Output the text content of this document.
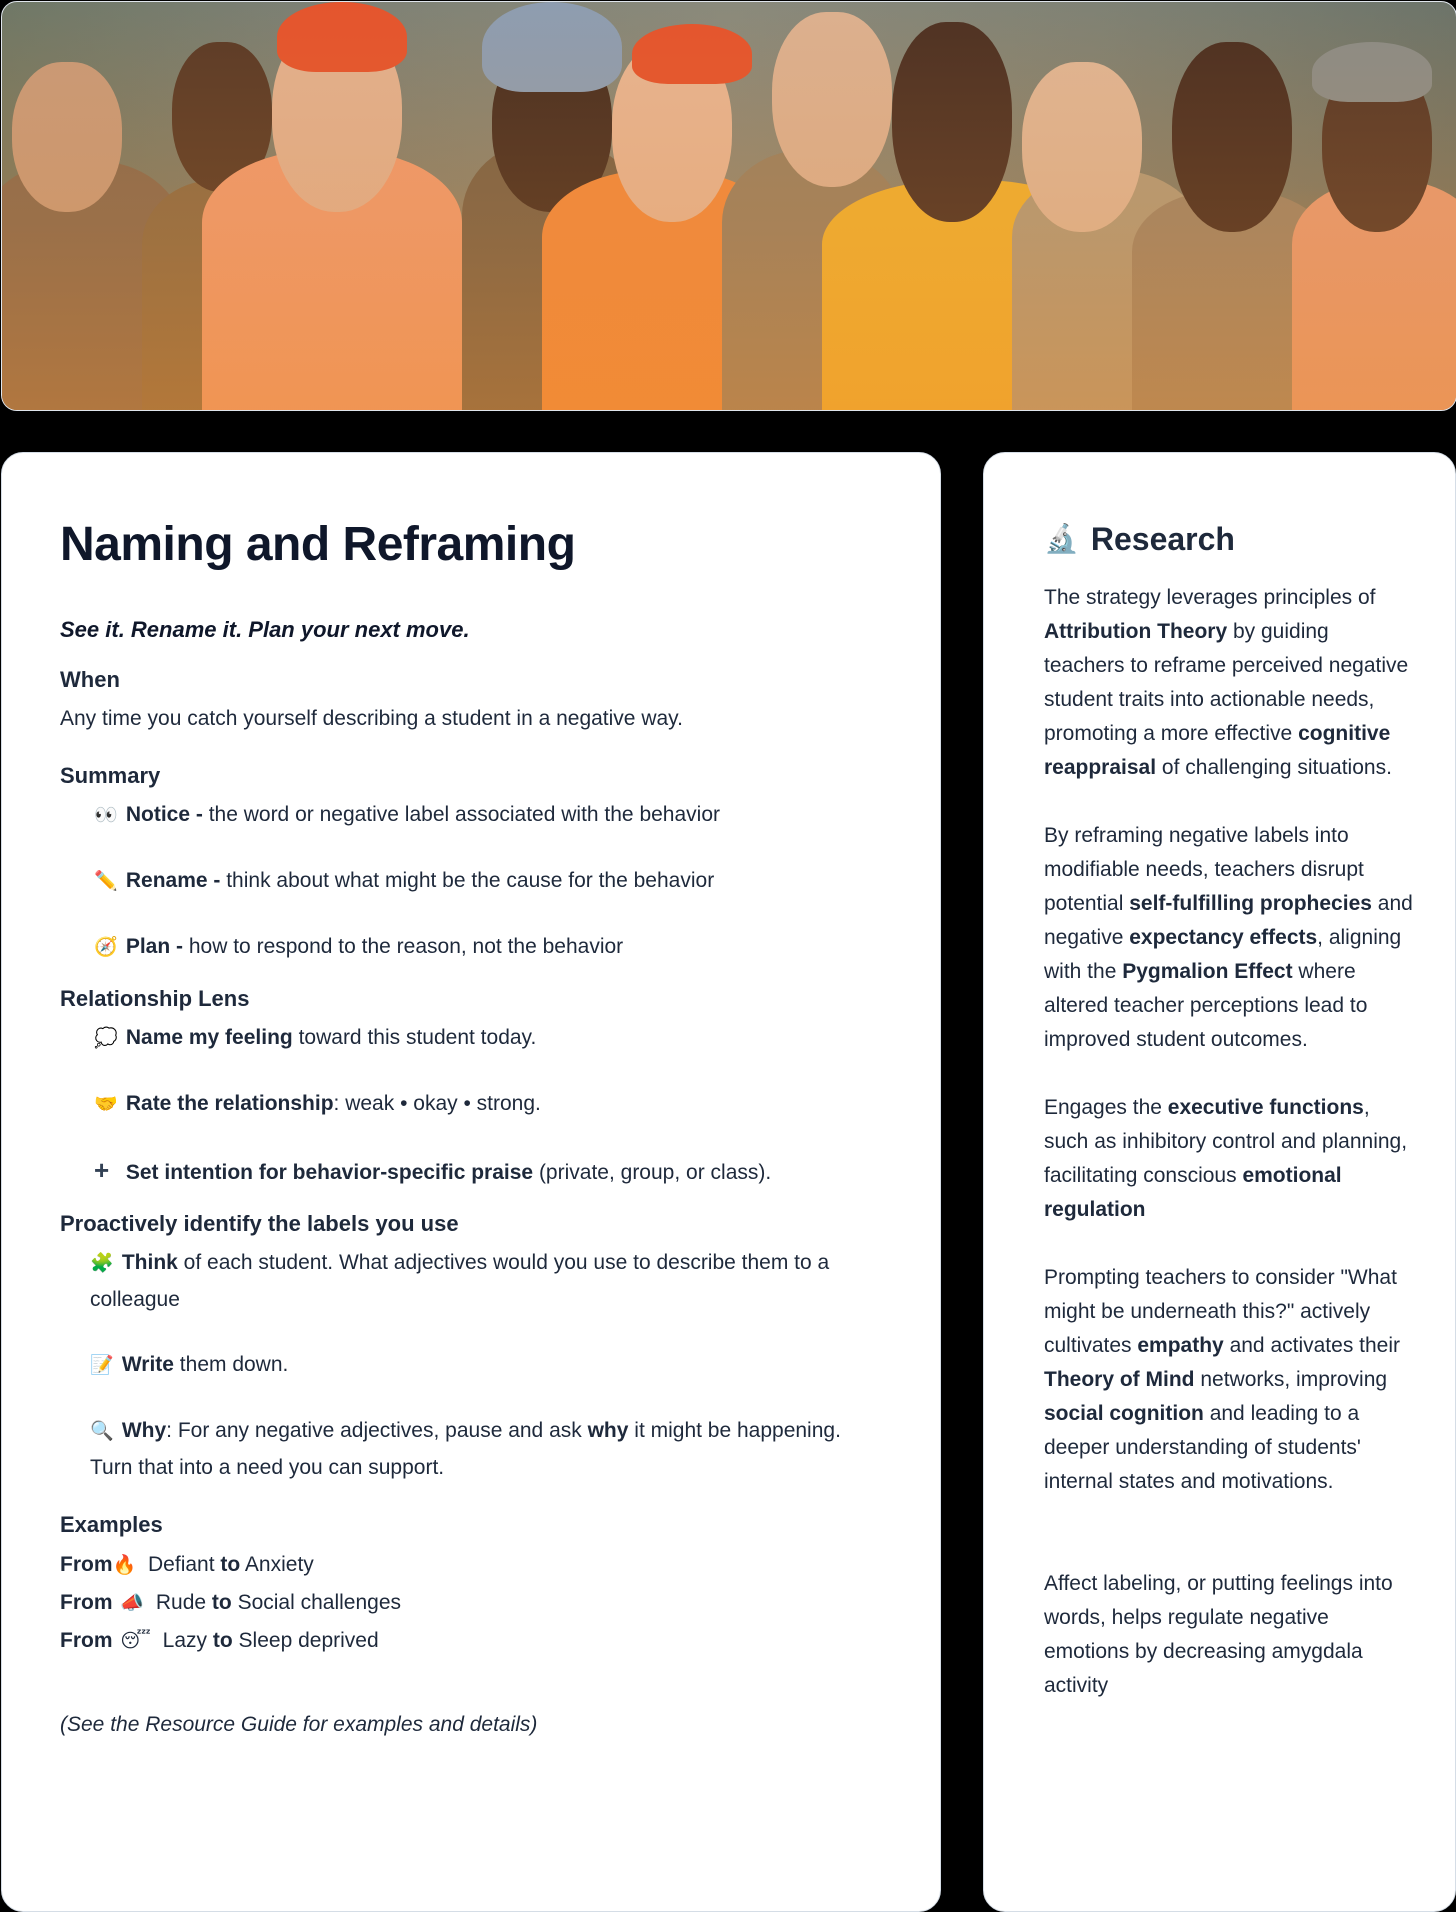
Naming and Reframing

See it. Rename it. Plan your next move.

When
Any time you catch yourself describing a student in a negative way.
Summary
👀 Notice - the word or negative label associated with the behavior
✏️ Rename - think about what might be the cause for the behavior
🧭 Plan - how to respond to the reason, not the behavior
Relationship Lens
💭 Name my feeling toward this student today.
🤝 Rate the relationship: weak • okay • strong.
+ Set intention for behavior-specific praise (private, group, or class).
Proactively identify the labels you use
🧩 Think of each student. What adjectives would you use to describe them to a colleague
📝 Write them down.
🔍 Why: For any negative adjectives, pause and ask why it might be happening. Turn that into a need you can support.
Examples
From🔥 Defiant to Anxiety
From 📣 Rude to Social challenges
From 😴 Lazy to Sleep deprived
(See the Resource Guide for examples and details)
🔬 Research

The strategy leverages principles of Attribution Theory by guiding teachers to reframe perceived negative student traits into actionable needs, promoting a more effective cognitive reappraisal of challenging situations.

By reframing negative labels into modifiable needs, teachers disrupt potential self-fulfilling prophecies and negative expectancy effects, aligning with the Pygmalion Effect where altered teacher perceptions lead to improved student outcomes.

Engages the executive functions, such as inhibitory control and planning, facilitating conscious emotional regulation

Prompting teachers to consider "What might be underneath this?" actively cultivates empathy and activates their Theory of Mind networks, improving social cognition and leading to a deeper understanding of students' internal states and motivations.

Affect labeling, or putting feelings into words, helps regulate negative emotions by decreasing amygdala activity
